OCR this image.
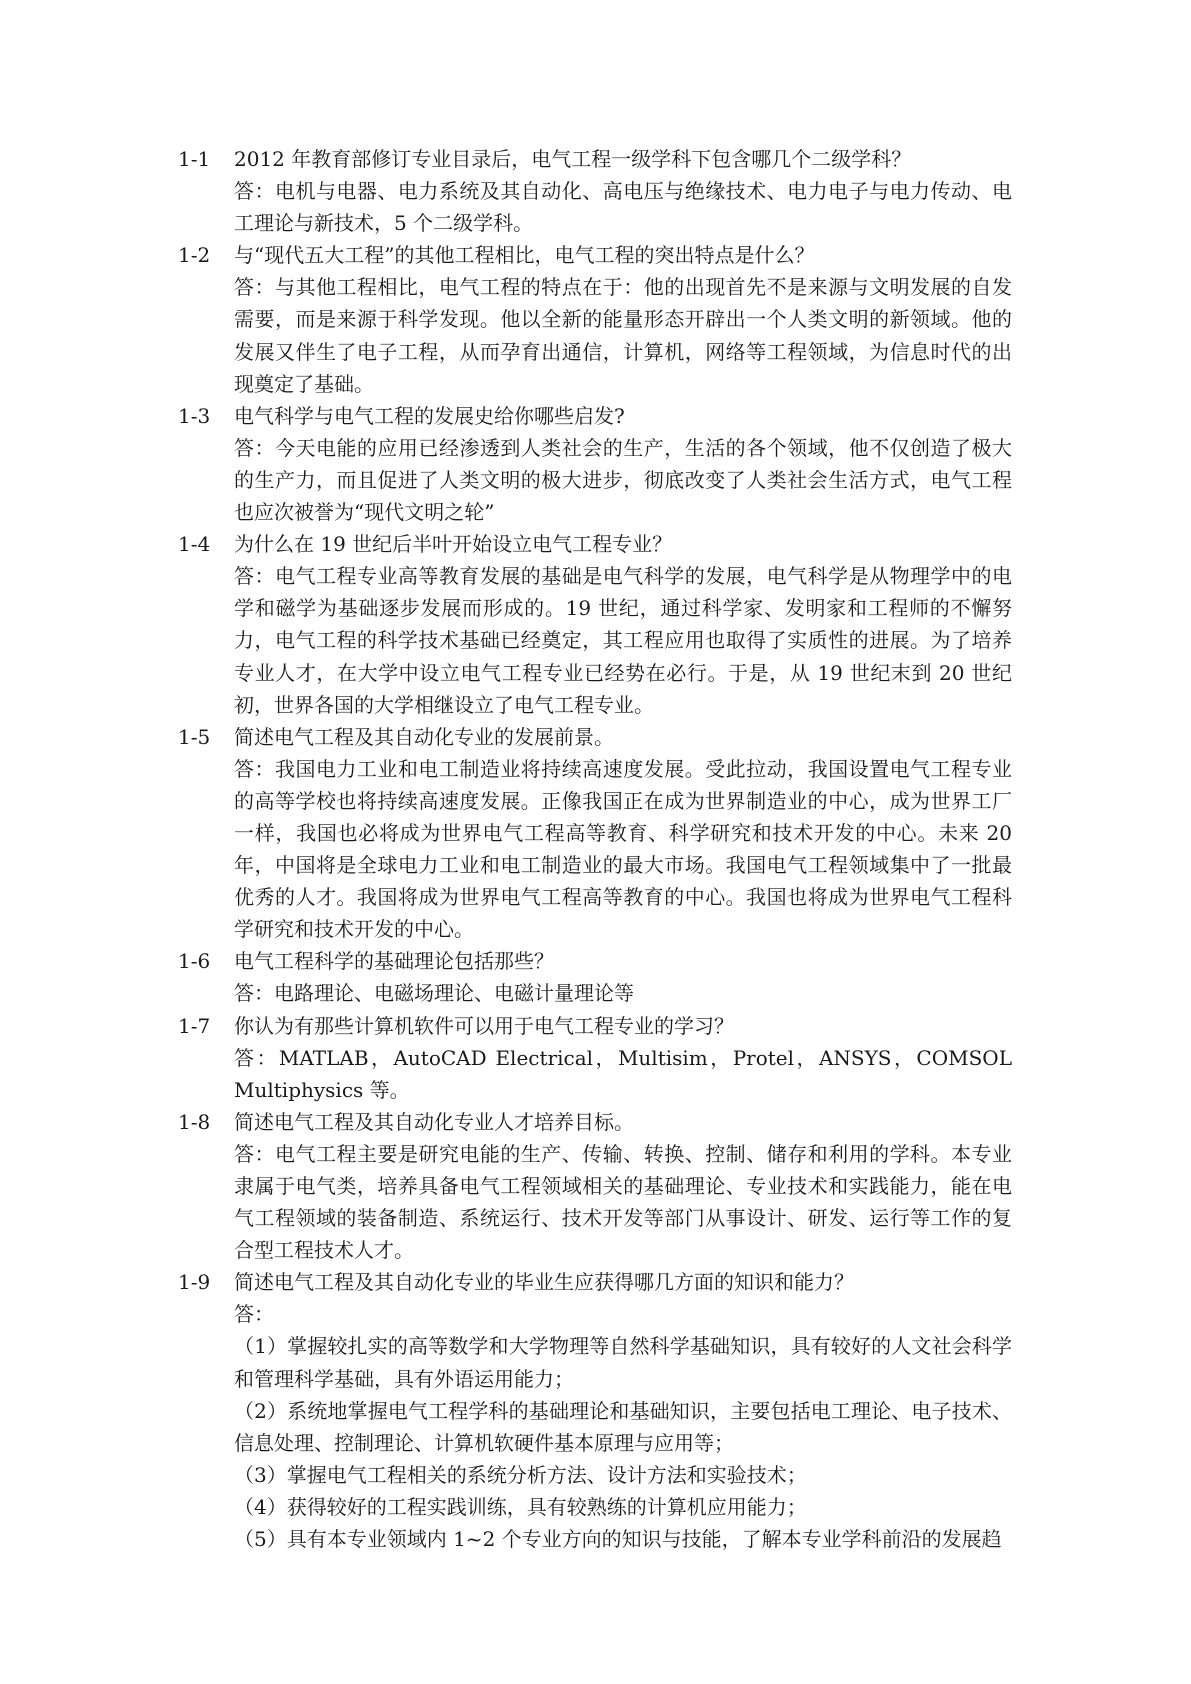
1-1	2012 年教育部修订专业目录后，电气工程一级学科下包含哪几个二级学科？
答：电机与电器、电力系统及其自动化、高电压与绝缘技术、电力电子与电力传动、电工理论与新技术，5 个二级学科。
1-2	与“现代五大工程”的其他工程相比，电气工程的突出特点是什么？
答：与其他工程相比，电气工程的特点在于：他的出现首先不是来源与文明发展的自发需要，而是来源于科学发现。他以全新的能量形态开辟出一个人类文明的新领域。他的发展又伴生了电子工程，从而孕育出通信，计算机，网络等工程领域，为信息时代的出现奠定了基础。
1-3	电气科学与电气工程的发展史给你哪些启发?
答：今天电能的应用已经渗透到人类社会的生产，生活的各个领域，他不仅创造了极大的生产力，而且促进了人类文明的极大进步，彻底改变了人类社会生活方式，电气工程也应次被誉为“现代文明之轮”
1-4	为什么在 19 世纪后半叶开始设立电气工程专业？
答：电气工程专业高等教育发展的基础是电气科学的发展，电气科学是从物理学中的电学和磁学为基础逐步发展而形成的。19 世纪，通过科学家、发明家和工程师的不懈努力，电气工程的科学技术基础已经奠定，其工程应用也取得了实质性的进展。为了培养专业人才，在大学中设立电气工程专业已经势在必行。于是，从 19 世纪末到 20 世纪初，世界各国的大学相继设立了电气工程专业。
1-5	简述电气工程及其自动化专业的发展前景。
答：我国电力工业和电工制造业将持续高速度发展。受此拉动，我国设置电气工程专业的高等学校也将持续高速度发展。正像我国正在成为世界制造业的中心，成为世界工厂一样，我国也必将成为世界电气工程高等教育、科学研究和技术开发的中心。未来 20 年，中国将是全球电力工业和电工制造业的最大市场。我国电气工程领域集中了一批最优秀的人才。我国将成为世界电气工程高等教育的中心。我国也将成为世界电气工程科学研究和技术开发的中心。
1-6	电气工程科学的基础理论包括那些？
答：电路理论、电磁场理论、电磁计量理论等
1-7	你认为有那些计算机软件可以用于电气工程专业的学习？
答：MATLAB，AutoCAD Electrical，Multisim，Protel，ANSYS，COMSOL Multiphysics 等。
1-8	简述电气工程及其自动化专业人才培养目标。
答：电气工程主要是研究电能的生产、传输、转换、控制、储存和利用的学科。本专业隶属于电气类，培养具备电气工程领域相关的基础理论、专业技术和实践能力，能在电气工程领域的装备制造、系统运行、技术开发等部门从事设计、研发、运行等工作的复合型工程技术人才。
1-9	简述电气工程及其自动化专业的毕业生应获得哪几方面的知识和能力？
答：
（1）掌握较扎实的高等数学和大学物理等自然科学基础知识，具有较好的人文社会科学和管理科学基础，具有外语运用能力；
（2）系统地掌握电气工程学科的基础理论和基础知识，主要包括电工理论、电子技术、信息处理、控制理论、计算机软硬件基本原理与应用等；
（3）掌握电气工程相关的系统分析方法、设计方法和实验技术；
（4）获得较好的工程实践训练，具有较熟练的计算机应用能力；
（5）具有本专业领域内 1~2 个专业方向的知识与技能，了解本专业学科前沿的发展趋
